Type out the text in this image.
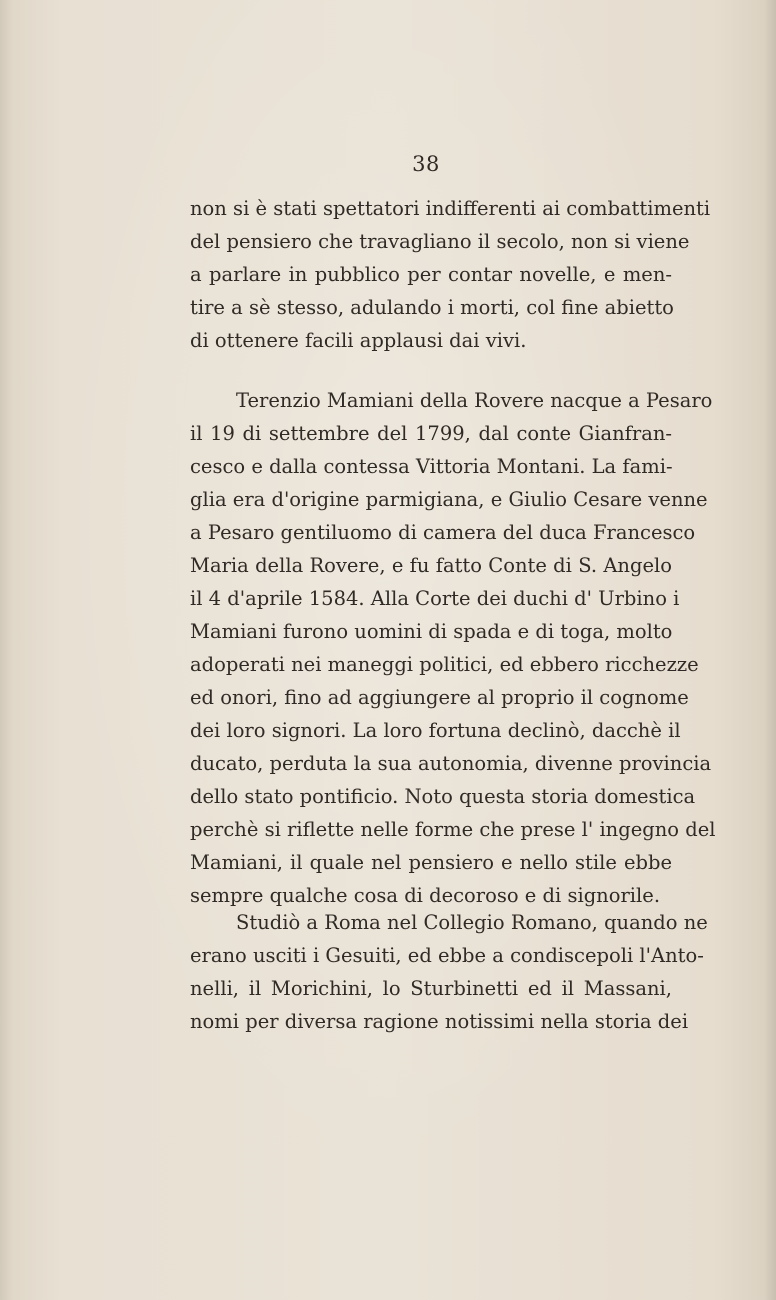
38
non si è stati spettatori indifferenti ai combattimenti
del pensiero che travagliano il secolo, non si viene
a parlare in pubblico per contar novelle, e men-
tire a sè stesso, adulando i morti, col fine abietto
di ottenere facili applausi dai vivi.
Terenzio Mamiani della Rovere nacque a Pesaro
il 19 di settembre del 1799, dal conte Gianfran-
cesco e dalla contessa Vittoria Montani. La fami-
glia era d'origine parmigiana, e Giulio Cesare venne
a Pesaro gentiluomo di camera del duca Francesco
Maria della Rovere, e fu fatto Conte di S. Angelo
il 4 d'aprile 1584. Alla Corte dei duchi d' Urbino i
Mamiani furono uomini di spada e di toga, molto
adoperati nei maneggi politici, ed ebbero ricchezze
ed onori, fino ad aggiungere al proprio il cognome
dei loro signori. La loro fortuna declinò, dacchè il
ducato, perduta la sua autonomia, divenne provincia
dello stato pontificio. Noto questa storia domestica
perchè si riflette nelle forme che prese l' ingegno del
Mamiani, il quale nel pensiero e nello stile ebbe
sempre qualche cosa di decoroso e di signorile.
Studiò a Roma nel Collegio Romano, quando ne
erano usciti i Gesuiti, ed ebbe a condiscepoli l'Anto-
nelli, il Morichini, lo Sturbinetti ed il Massani,
nomi per diversa ragione notissimi nella storia dei
